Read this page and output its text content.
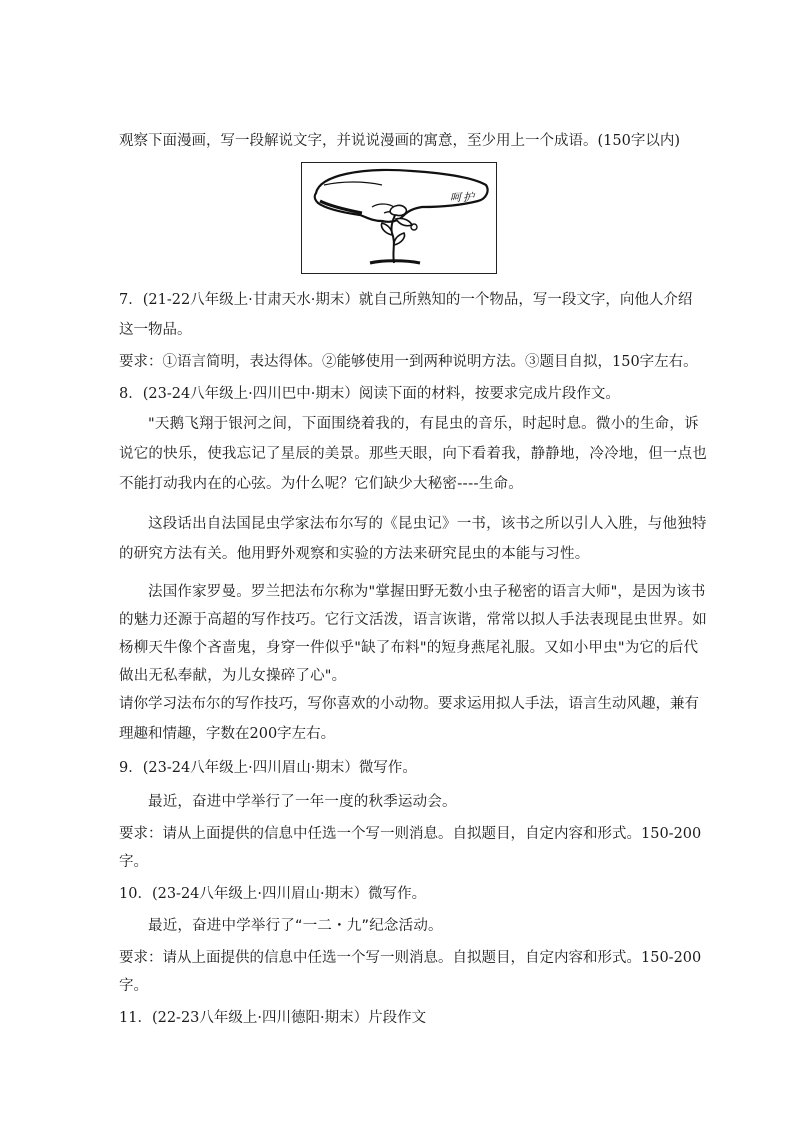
观察下面漫画，写一段解说文字，并说说漫画的寓意，至少用上一个成语。(150字以内)
呵护
7．(21-22八年级上·甘肃天水·期末）就自己所熟知的一个物品，写一段文字，向他人介绍
这一物品。
要求：①语言简明，表达得体。②能够使用一到两种说明方法。③题目自拟，150字左右。
8．(23-24八年级上·四川巴中·期末）阅读下面的材料，按要求完成片段作文。
"天鹅飞翔于银河之间，下面围绕着我的，有昆虫的音乐，时起时息。微小的生命，诉
说它的快乐，使我忘记了星辰的美景。那些天眼，向下看着我，静静地，冷冷地，但一点也
不能打动我内在的心弦。为什么呢？它们缺少大秘密----生命。
这段话出自法国昆虫学家法布尔写的《昆虫记》一书，该书之所以引人入胜，与他独特
的研究方法有关。他用野外观察和实验的方法来研究昆虫的本能与习性。
法国作家罗曼。罗兰把法布尔称为"掌握田野无数小虫子秘密的语言大师"，是因为该书
的魅力还源于高超的写作技巧。它行文活泼，语言诙谐，常常以拟人手法表现昆虫世界。如
杨柳天牛像个吝啬鬼，身穿一件似乎"缺了布料"的短身燕尾礼服。又如小甲虫"为它的后代
做出无私奉献，为儿女操碎了心"。
请你学习法布尔的写作技巧，写你喜欢的小动物。要求运用拟人手法，语言生动风趣，兼有
理趣和情趣，字数在200字左右。
9．(23-24八年级上·四川眉山·期末）微写作。
最近，奋进中学举行了一年一度的秋季运动会。
要求：请从上面提供的信息中任选一个写一则消息。自拟题目，自定内容和形式。150-200
字。
10．(23-24八年级上·四川眉山·期末）微写作。
最近，奋进中学举行了“一二・九”纪念活动。
要求：请从上面提供的信息中任选一个写一则消息。自拟题目，自定内容和形式。150-200
字。
11．(22-23八年级上·四川德阳·期末）片段作文
